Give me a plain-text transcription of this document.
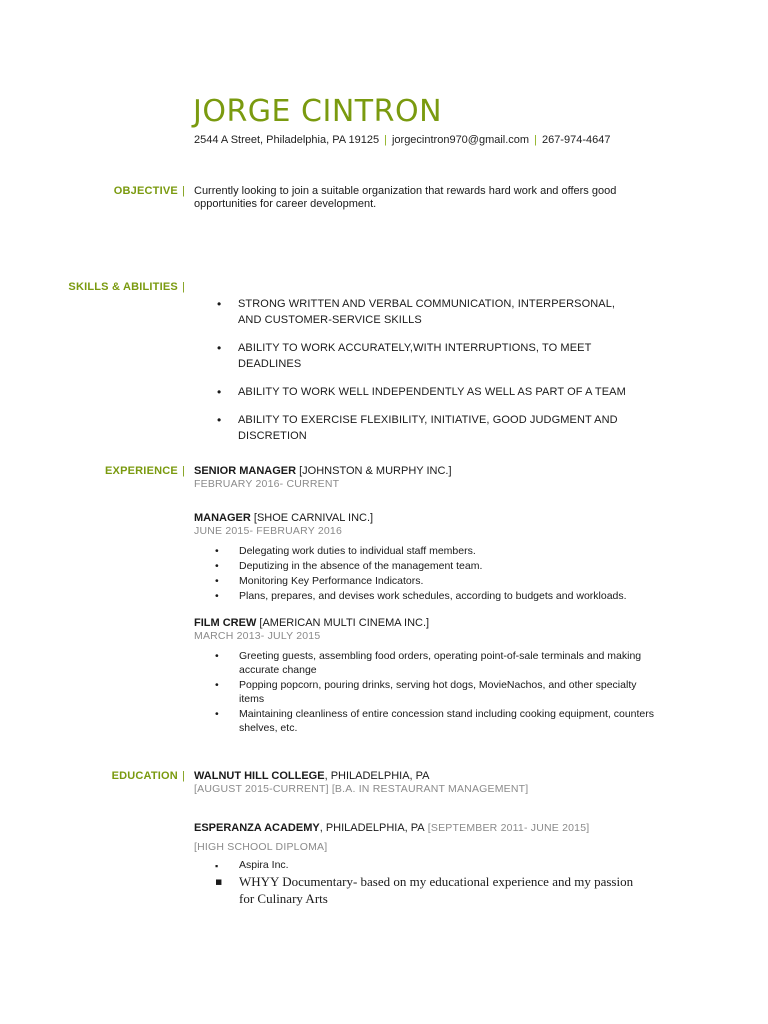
JORGE CINTRON
2544 A Street, Philadelphia, PA 19125 | jorgecintron970@gmail.com | 267-974-4647
OBJECTIVE | Currently looking to join a suitable organization that rewards hard work and offers good opportunities for career development.
SKILLS & ABILITIES |
• STRONG WRITTEN AND VERBAL COMMUNICATION, INTERPERSONAL, AND CUSTOMER-SERVICE SKILLS
• ABILITY TO WORK ACCURATELY,WITH INTERRUPTIONS, TO MEET DEADLINES
• ABILITY TO WORK WELL INDEPENDENTLY AS WELL AS PART OF A TEAM
• ABILITY TO EXERCISE FLEXIBILITY, INITIATIVE, GOOD JUDGMENT AND DISCRETION
EXPERIENCE | SENIOR MANAGER [JOHNSTON & MURPHY INC.]
FEBRUARY 2016- CURRENT
MANAGER [SHOE CARNIVAL INC.]
JUNE 2015- FEBRUARY 2016
• Delegating work duties to individual staff members.
• Deputizing in the absence of the management team.
• Monitoring Key Performance Indicators.
• Plans, prepares, and devises work schedules, according to budgets and workloads.
FILM CREW [AMERICAN MULTI CINEMA INC.]
MARCH 2013- JULY 2015
• Greeting guests, assembling food orders, operating point-of-sale terminals and making accurate change
• Popping popcorn, pouring drinks, serving hot dogs, MovieNachos, and other specialty items
• Maintaining cleanliness of entire concession stand including cooking equipment, counters shelves, etc.
EDUCATION | WALNUT HILL COLLEGE, PHILADELPHIA, PA
[AUGUST 2015-CURRENT] [B.A. IN RESTAURANT MANAGEMENT]
ESPERANZA ACADEMY, PHILADELPHIA, PA [SEPTEMBER 2011- JUNE 2015]
[HIGH SCHOOL DIPLOMA]
▪ Aspira Inc.
▪ WHYY Documentary- based on my educational experience and my passion for Culinary Arts
